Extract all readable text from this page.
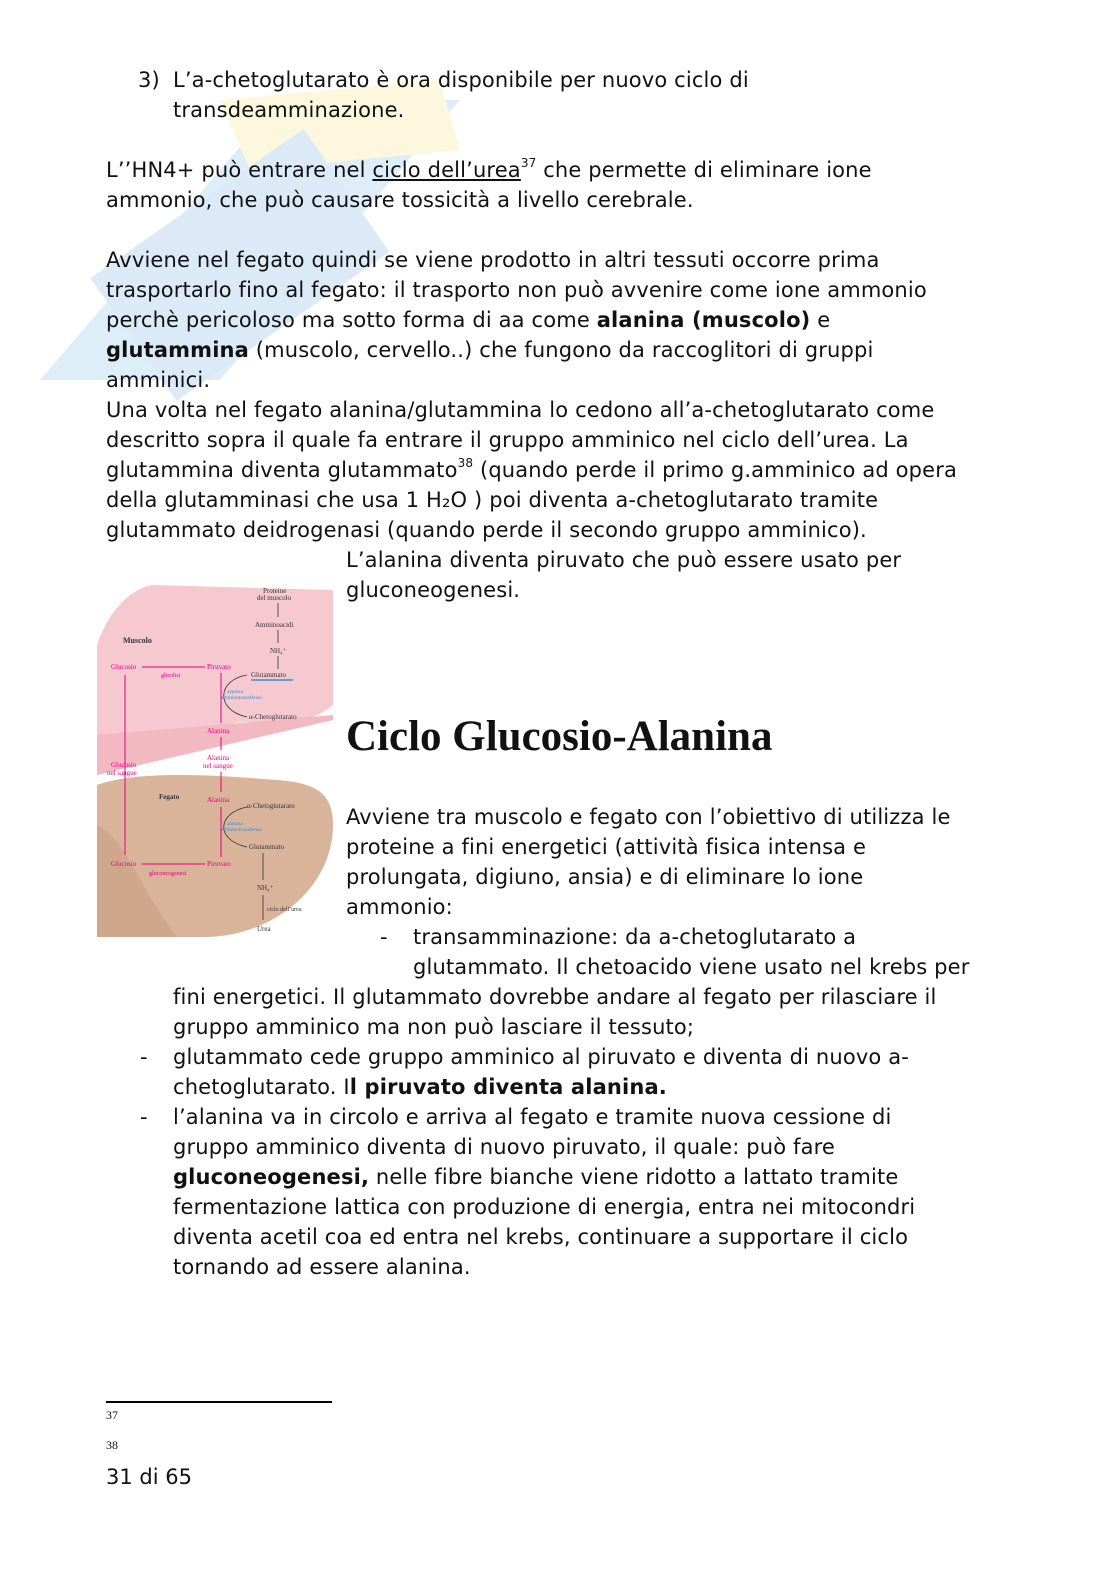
3) L’a-chetoglutarato è ora disponibile per nuovo ciclo di
transdeamminazione.
L’’HN4+ può entrare nel ciclo dell’urea$^{37}$ che permette di eliminare ione
ammonio, che può causare tossicità a livello cerebrale.
Avviene nel fegato quindi se viene prodotto in altri tessuti occorre prima
trasportarlo fino al fegato: il trasporto non può avvenire come ione ammonio
perchè pericoloso ma sotto forma di aa come alanina (muscolo) e
glutammina (muscolo, cervello..) che fungono da raccoglitori di gruppi
amminici.
Una volta nel fegato alanina/glutammina lo cedono all’a-chetoglutarato come
descritto sopra il quale fa entrare il gruppo amminico nel ciclo dell’urea. La
glutammina diventa glutammato$^{38}$ (quando perde il primo g.amminico ad opera
della glutamminasi che usa 1 H₂O ) poi diventa a-chetoglutarato tramite
glutammato deidrogenasi (quando perde il secondo gruppo amminico).
L’alanina diventa piruvato che può essere usato per
gluconeogenesi.
Muscolo
Proteine
del muscolo
Amminoacidi
NH₄⁺
Glucosio
glicolisi
Piruvato
Glutammato
alanina
amminotransferasi
α-Chetoglutarato
Alanina
Alanina
nel sangue
Glucosio
nel sangue
Fegato	Alanina
α-Chetoglutarato
alanina
amminotransferasi
Glutammato
Glucosio
gluconeogenesi
Piruvato
NH₄⁺
ciclo dell’urea
Urea
Ciclo Glucosio-Alanina
Avviene tra muscolo e fegato con l’obiettivo di utilizza le
proteine a fini energetici (attività fisica intensa e
prolungata, digiuno, ansia) e di eliminare lo ione
ammonio:
- transamminazione: da a-chetoglutarato a
glutammato. Il chetoacido viene usato nel krebs per
fini energetici. Il glutammato dovrebbe andare al fegato per rilasciare il
gruppo amminico ma non può lasciare il tessuto;
- glutammato cede gruppo amminico al piruvato e diventa di nuovo a-
chetoglutarato. Il piruvato diventa alanina.
- l’alanina va in circolo e arriva al fegato e tramite nuova cessione di
gruppo amminico diventa di nuovo piruvato, il quale: può fare
gluconeogenesi, nelle fibre bianche viene ridotto a lattato tramite
fermentazione lattica con produzione di energia, entra nei mitocondri
diventa acetil coa ed entra nel krebs, continuare a supportare il ciclo
tornando ad essere alanina.
37
38
31 di 65
